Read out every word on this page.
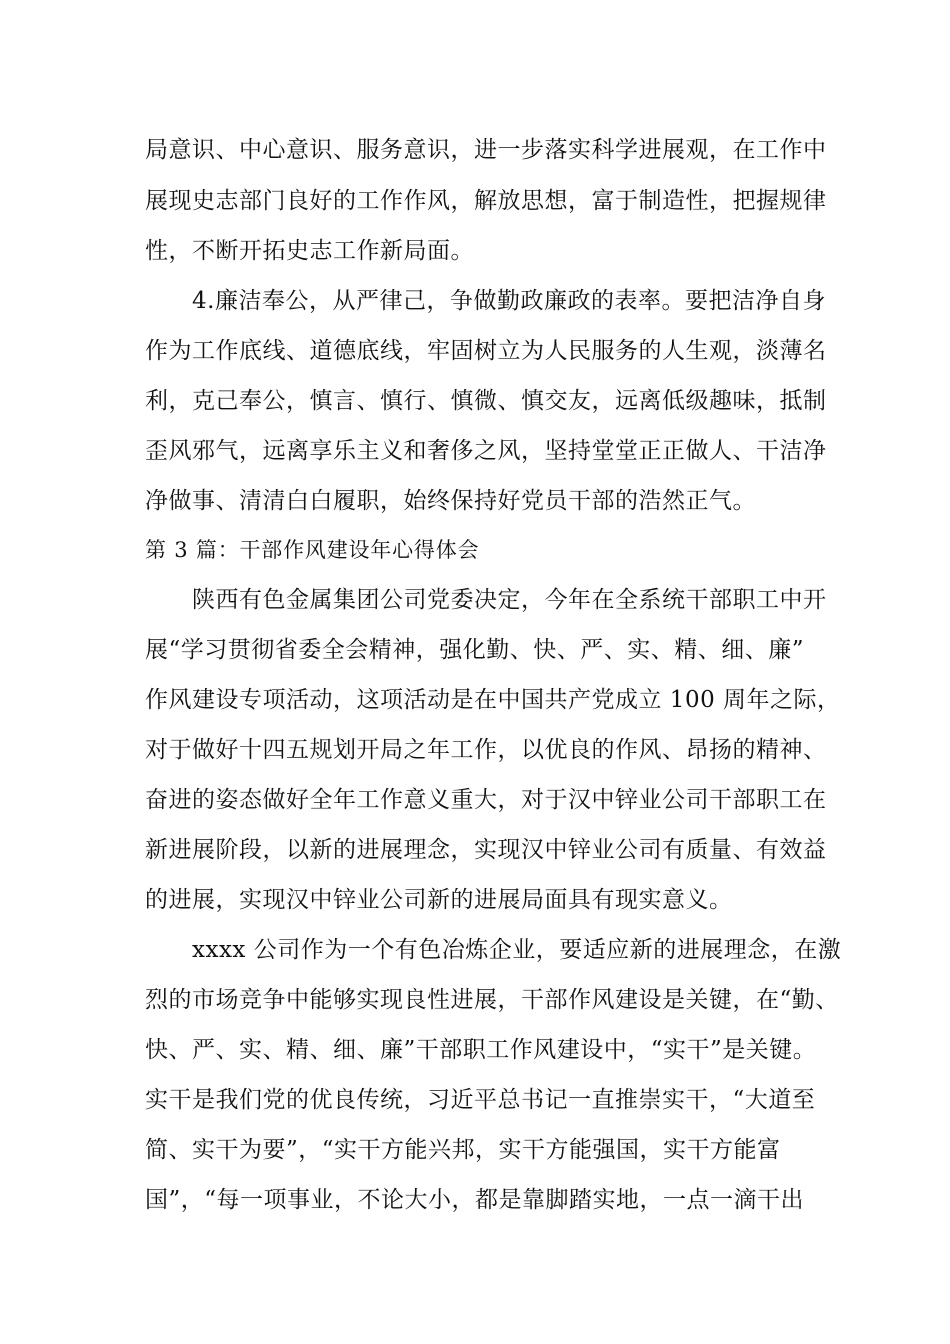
局意识、中心意识、服务意识，进一步落实科学进展观，在工作中
展现史志部门良好的工作作风，解放思想，富于制造性，把握规律
性，不断开拓史志工作新局面。
4.廉洁奉公，从严律己，争做勤政廉政的表率。要把洁净自身
作为工作底线、道德底线，牢固树立为人民服务的人生观，淡薄名
利，克己奉公，慎言、慎行、慎微、慎交友，远离低级趣味，抵制
歪风邪气，远离享乐主义和奢侈之风，坚持堂堂正正做人、干洁净
净做事、清清白白履职，始终保持好党员干部的浩然正气。
第 3 篇：干部作风建设年心得体会
陕西有色金属集团公司党委决定，今年在全系统干部职工中开
展“学习贯彻省委全会精神，强化勤、快、严、实、精、细、廉”
作风建设专项活动，这项活动是在中国共产党成立 100 周年之际，
对于做好十四五规划开局之年工作，以优良的作风、昂扬的精神、
奋进的姿态做好全年工作意义重大，对于汉中锌业公司干部职工在
新进展阶段，以新的进展理念，实现汉中锌业公司有质量、有效益
的进展，实现汉中锌业公司新的进展局面具有现实意义。
xxxx 公司作为一个有色冶炼企业，要适应新的进展理念，在激
烈的市场竞争中能够实现良性进展，干部作风建设是关键，在“勤、
快、严、实、精、细、廉”干部职工作风建设中，“实干”是关键。
实干是我们党的优良传统，习近平总书记一直推崇实干，“大道至
简、实干为要”，“实干方能兴邦，实干方能强国，实干方能富
国”，“每一项事业，不论大小，都是靠脚踏实地，一点一滴干出
